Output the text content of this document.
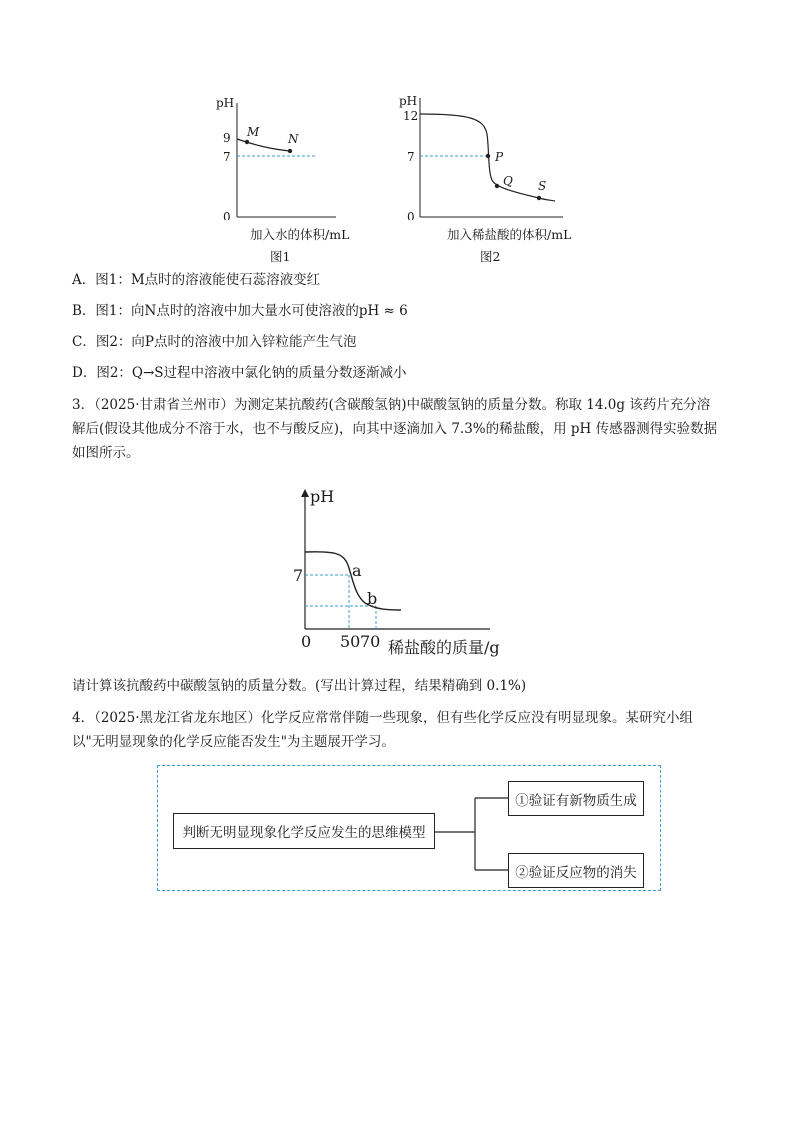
pH
9
7
0
M N
加入水的体积/mL
图1
pH
12
7
0
P
Q S
加入稀盐酸的体积/mL
图2
A．图1：M点时的溶液能使石蕊溶液变红
B．图1：向N点时的溶液中加大量水可使溶液的pH ≈ 6
C．图2：向P点时的溶液中加入锌粒能产生气泡
D．图2：Q→S过程中溶液中氯化钠的质量分数逐渐减小
3．（2025·甘肃省兰州市）为测定某抗酸药(含碳酸氢钠)中碳酸氢钠的质量分数。称取 14.0g 该药片充分溶解后(假设其他成分不溶于水，也不与酸反应)，向其中逐滴加入 7.3%的稀盐酸，用 pH 传感器测得实验数据如图所示。
pH
7
0 50 70
a
b
稀盐酸的质量/g
请计算该抗酸药中碳酸氢钠的质量分数。(写出计算过程，结果精确到 0.1%)
4．（2025·黑龙江省龙东地区）化学反应常常伴随一些现象，但有些化学反应没有明显现象。某研究小组以"无明显现象的化学反应能否发生"为主题展开学习。
判断无明显现象化学反应发生的思维模型
①验证有新物质生成
②验证反应物的消失
